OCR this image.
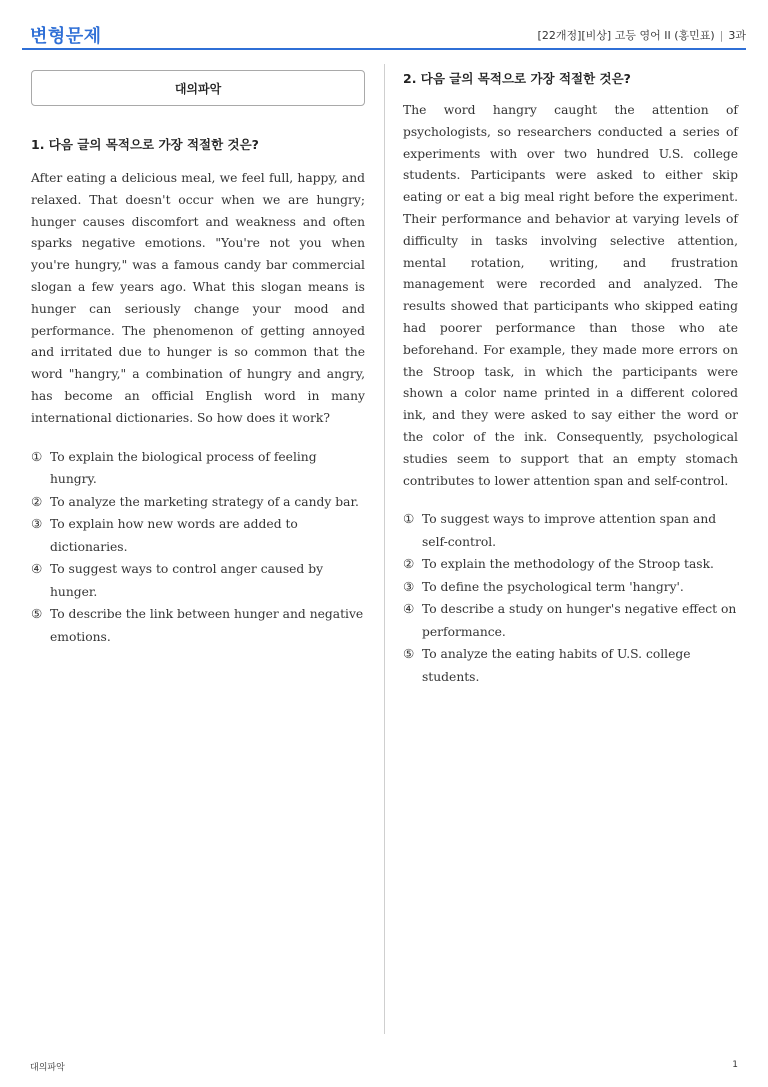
변형문제	[22개정][비상] 고등 영어 II (홍민표) | 3과
대의파악
1. 다음 글의 목적으로 가장 적절한 것은?

After eating a delicious meal, we feel full, happy, and relaxed. That doesn't occur when we are hungry; hunger causes discomfort and weakness and often sparks negative emotions. "You're not you when you're hungry," was a famous candy bar commercial slogan a few years ago. What this slogan means is hunger can seriously change your mood and performance. The phenomenon of getting annoyed and irritated due to hunger is so common that the word "hangry," a combination of hungry and angry, has become an official English word in many international dictionaries. So how does it work?

① To explain the biological process of feeling hungry.
② To analyze the marketing strategy of a candy bar.
③ To explain how new words are added to dictionaries.
④ To suggest ways to control anger caused by hunger.
⑤ To describe the link between hunger and negative emotions.
2. 다음 글의 목적으로 가장 적절한 것은?

The word hangry caught the attention of psychologists, so researchers conducted a series of experiments with over two hundred U.S. college students. Participants were asked to either skip eating or eat a big meal right before the experiment. Their performance and behavior at varying levels of difficulty in tasks involving selective attention, mental rotation, writing, and frustration management were recorded and analyzed. The results showed that participants who skipped eating had poorer performance than those who ate beforehand. For example, they made more errors on the Stroop task, in which the participants were shown a color name printed in a different colored ink, and they were asked to say either the word or the color of the ink. Consequently, psychological studies seem to support that an empty stomach contributes to lower attention span and self-control.

① To suggest ways to improve attention span and self-control.
② To explain the methodology of the Stroop task.
③ To define the psychological term 'hangry'.
④ To describe a study on hunger's negative effect on performance.
⑤ To analyze the eating habits of U.S. college students.
대의파악	1
